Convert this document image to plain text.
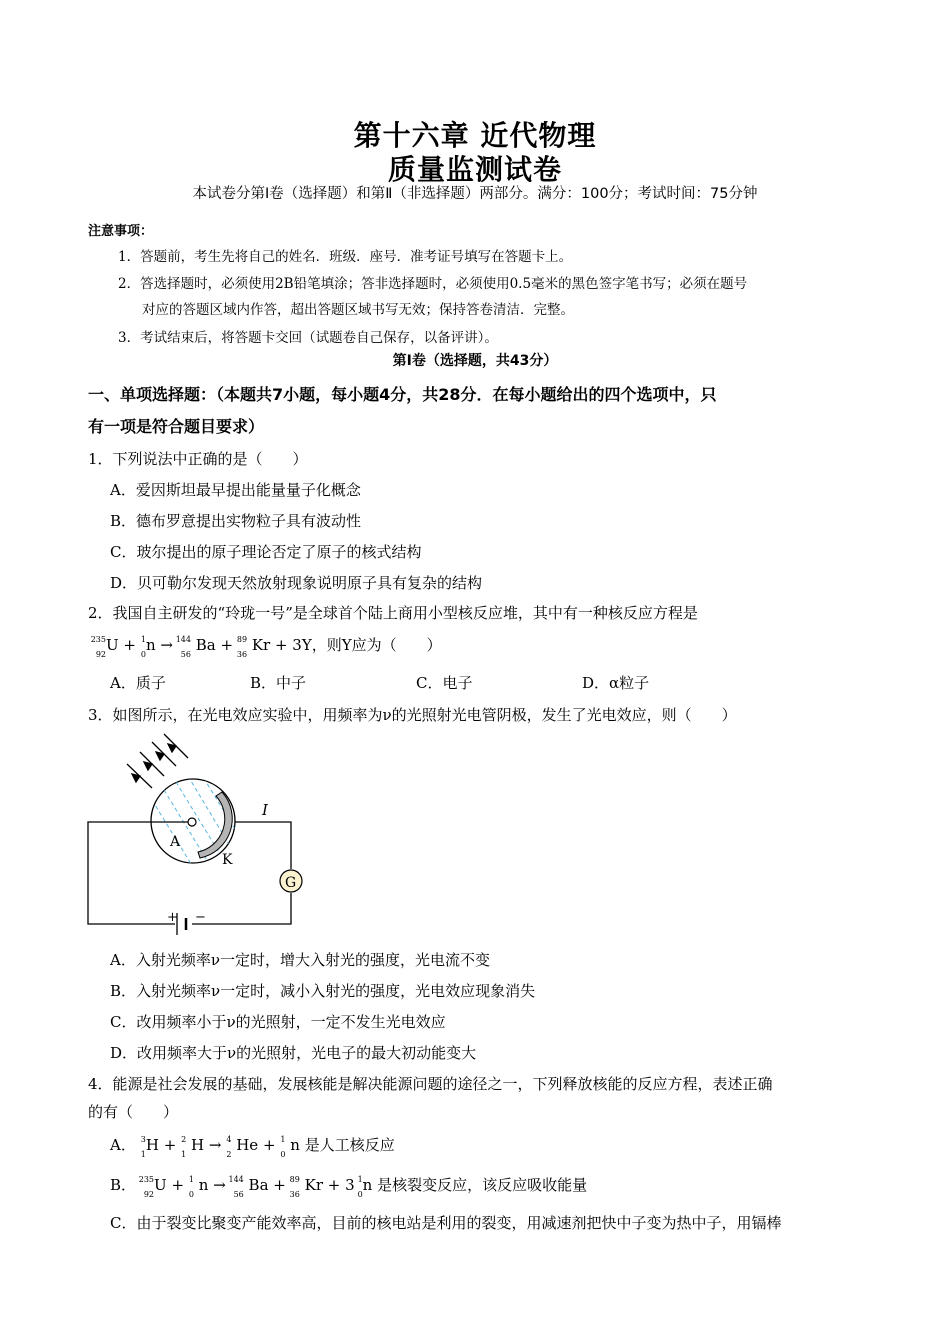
第十六章 近代物理
质量监测试卷
本试卷分第Ⅰ卷（选择题）和第Ⅱ（非选择题）两部分。满分：100分；考试时间：75分钟
注意事项：
1．答题前，考生先将自己的姓名．班级．座号．准考证号填写在答题卡上。
2．答选择题时，必须使用2B铅笔填涂；答非选择题时，必须使用0.5毫米的黑色签字笔书写；必须在题号
对应的答题区域内作答，超出答题区域书写无效；保持答卷清洁．完整。
3．考试结束后，将答题卡交回（试题卷自己保存，以备评讲）。
第Ⅰ卷（选择题，共43分）
一、单项选择题：（本题共7小题，每小题4分，共28分．在每小题给出的四个选项中，只
有一项是符合题目要求）
1．下列说法中正确的是（　　）
A．爱因斯坦最早提出能量量子化概念
B．德布罗意提出实物粒子具有波动性
C．玻尔提出的原子理论否定了原子的核式结构
D．贝可勒尔发现天然放射现象说明原子具有复杂的结构
2．我国自主研发的“玲珑一号”是全球首个陆上商用小型核反应堆，其中有一种核反应方程是
235
92
U + 1
0
n → 144
56
Ba + 89
36
Kr + 3Y，则Y应为（　　）
A．质子	B．中子	C．电子	D．α粒子
3．如图所示，在光电效应实验中，用频率为ν的光照射光电管阴极，发生了光电效应，则（　　）
+ −
G
I
A
K
A．入射光频率ν一定时，增大入射光的强度，光电流不变
B．入射光频率ν一定时，减小入射光的强度，光电效应现象消失
C．改用频率小于ν的光照射，一定不发生光电效应
D．改用频率大于ν的光照射，光电子的最大初动能变大
4．能源是社会发展的基础，发展核能是解决能源问题的途径之一，下列释放核能的反应方程，表述正确
的有（　　）
A． 3
1
H + 2
1
H → 4
2
He + 1
0
n 是人工核反应
B． 235
92
U + 1
0
n → 144
56
Ba + 89
36
Kr + 3 1
0
n 是核裂变反应，该反应吸收能量
C．由于裂变比聚变产能效率高，目前的核电站是利用的裂变，用减速剂把快中子变为热中子，用镉棒
